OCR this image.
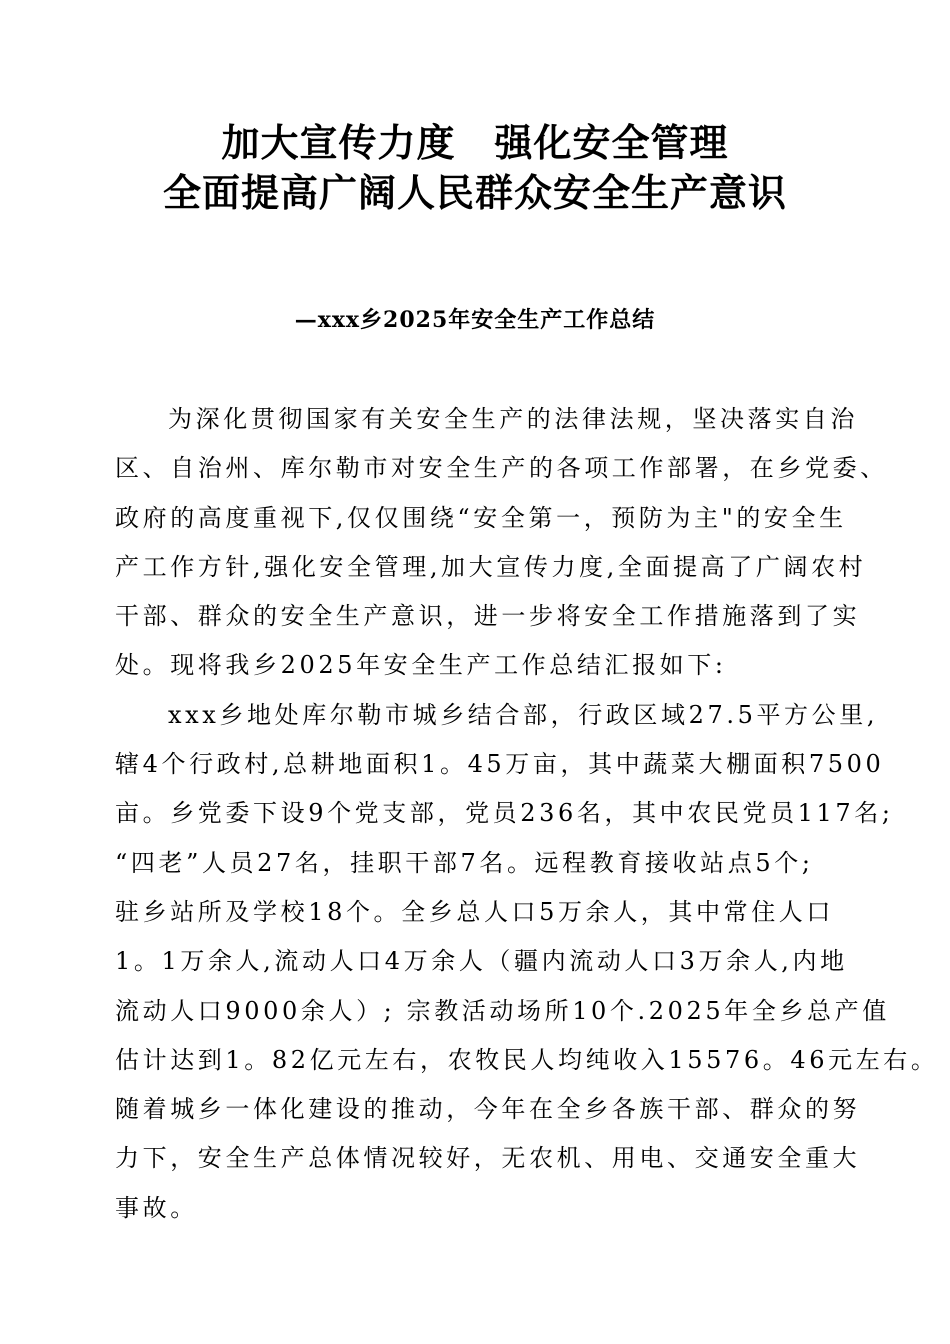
加大宣传力度　强化安全管理
全面提高广阔人民群众安全生产意识
—xxx乡2025年安全生产工作总结
为深化贯彻国家有关安全生产的法律法规，坚决落实自治
区、自治州、库尔勒市对安全生产的各项工作部署，在乡党委、
政府的高度重视下,仅仅围绕“安全第一，预防为主"的安全生
产工作方针,强化安全管理,加大宣传力度,全面提高了广阔农村
干部、群众的安全生产意识，进一步将安全工作措施落到了实
处。现将我乡2025年安全生产工作总结汇报如下:
xxx乡地处库尔勒市城乡结合部，行政区域27.5平方公里,
辖4个行政村,总耕地面积1。45万亩，其中蔬菜大棚面积7500
亩。乡党委下设9个党支部，党员236名，其中农民党员117名;
“四老”人员27名，挂职干部7名。远程教育接收站点5个;
驻乡站所及学校18个。全乡总人口5万余人，其中常住人口
1。1万余人,流动人口4万余人（疆内流动人口3万余人,内地
流动人口9000余人）; 宗教活动场所10个.2025年全乡总产值
估计达到1。82亿元左右，农牧民人均纯收入15576。46元左右。
随着城乡一体化建设的推动，今年在全乡各族干部、群众的努
力下，安全生产总体情况较好，无农机、用电、交通安全重大
事故。
